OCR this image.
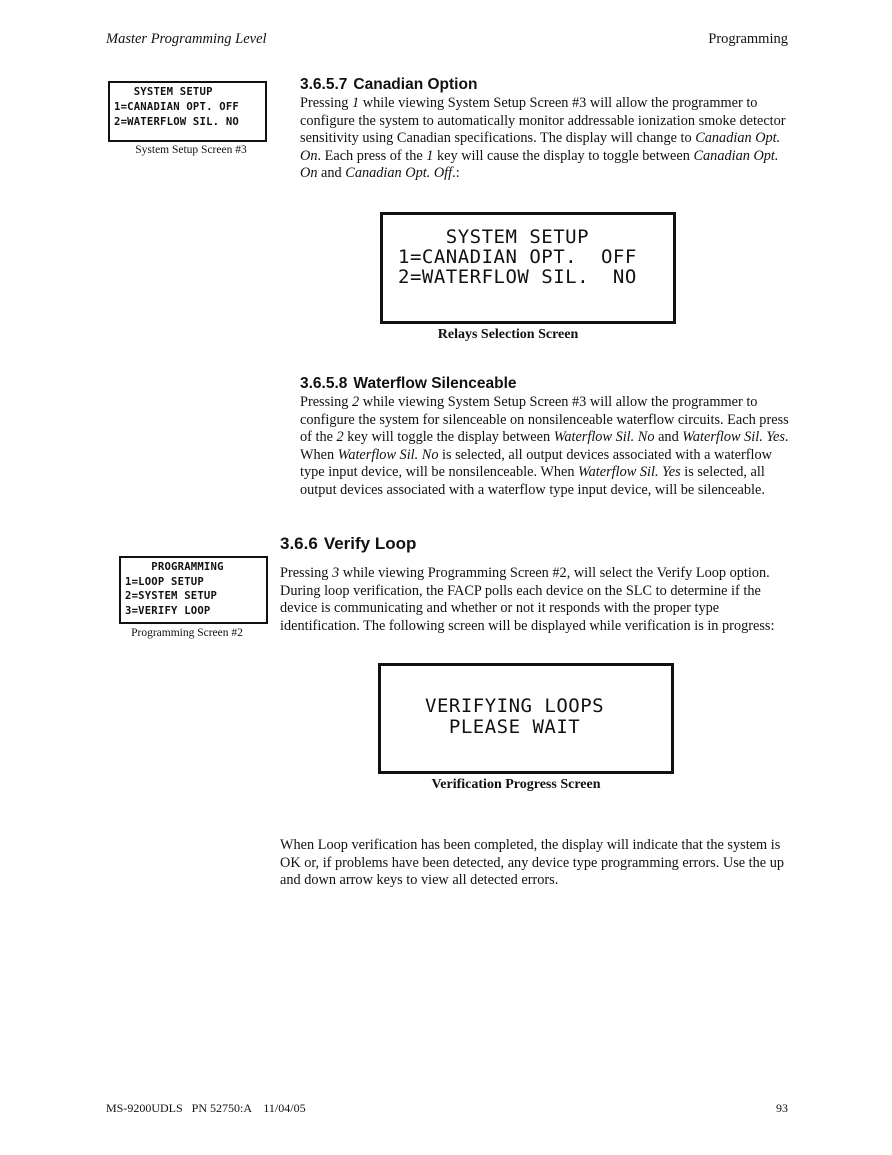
Master Programming Level	Programming
MS-9200UDLS   PN 52750:A    11/04/05	93
SYSTEM SETUP
1=CANADIAN OPT. OFF
2=WATERFLOW SIL. NO
System Setup Screen #3
3.6.5.7 Canadian Option
Pressing 1 while viewing System Setup Screen #3 will allow the programmer to configure the system to automatically monitor addressable ionization smoke detector sensitivity using Canadian specifications. The display will change to Canadian Opt. On. Each press of the 1 key will cause the display to toggle between Canadian Opt. On and Canadian Opt. Off.:
SYSTEM SETUP
1=CANADIAN OPT.  OFF
2=WATERFLOW SIL.  NO
Relays Selection Screen
3.6.5.8 Waterflow Silenceable
Pressing 2 while viewing System Setup Screen #3 will allow the programmer to configure the system for silenceable on nonsilenceable waterflow circuits. Each press of the 2 key will toggle the display between Waterflow Sil. No and Waterflow Sil. Yes. When Waterflow Sil. No is selected, all output devices associated with a waterflow type input device, will be nonsilenceable. When Waterflow Sil. Yes is selected, all output devices associated with a waterflow type input device, will be silenceable.
3.6.6 Verify Loop
PROGRAMMING
1=LOOP SETUP
2=SYSTEM SETUP
3=VERIFY LOOP
Programming Screen #2
Pressing 3 while viewing Programming Screen #2, will select the Verify Loop option. During loop verification, the FACP polls each device on the SLC to determine if the device is communicating and whether or not it responds with the proper type identification. The following screen will be displayed while verification is in progress:
VERIFYING LOOPS
PLEASE WAIT
Verification Progress Screen
When Loop verification has been completed, the display will indicate that the system is OK or, if problems have been detected, any device type programming errors. Use the up and down arrow keys to view all detected errors.
